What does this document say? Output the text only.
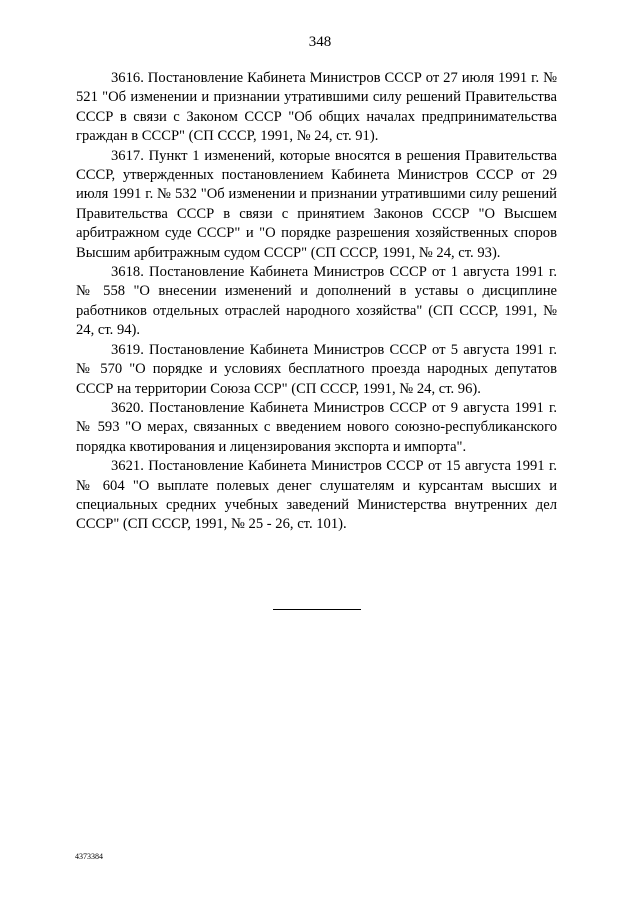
348

3616. Постановление Кабинета Министров СССР от 27 июля 1991 г. № 521 "Об изменении и признании утратившими силу решений Правительства СССР в связи с Законом СССР "Об общих началах предпринимательства граждан в СССР" (СП СССР, 1991, № 24, ст. 91).

3617. Пункт 1 изменений, которые вносятся в решения Правительства СССР, утвержденных постановлением Кабинета Министров СССР от 29 июля 1991 г. № 532 "Об изменении и признании утратившими силу решений Правительства СССР в связи с принятием Законов СССР "О Высшем арбитражном суде СССР" и "О порядке разрешения хозяйственных споров Высшим арбитражным судом СССР" (СП СССР, 1991, № 24, ст. 93).

3618. Постановление Кабинета Министров СССР от 1 августа 1991 г. № 558 "О внесении изменений и дополнений в уставы о дисциплине работников отдельных отраслей народного хозяйства" (СП СССР, 1991, № 24, ст. 94).

3619. Постановление Кабинета Министров СССР от 5 августа 1991 г. № 570 "О порядке и условиях бесплатного проезда народных депутатов СССР на территории Союза ССР" (СП СССР, 1991, № 24, ст. 96).

3620. Постановление Кабинета Министров СССР от 9 августа 1991 г. № 593 "О мерах, связанных с введением нового союзно-республиканского порядка квотирования и лицензирования экспорта и импорта".

3621. Постановление Кабинета Министров СССР от 15 августа 1991 г. № 604 "О выплате полевых денег слушателям и курсантам высших и специальных средних учебных заведений Министерства внутренних дел СССР" (СП СССР, 1991, № 25 - 26, ст. 101).

4373384
